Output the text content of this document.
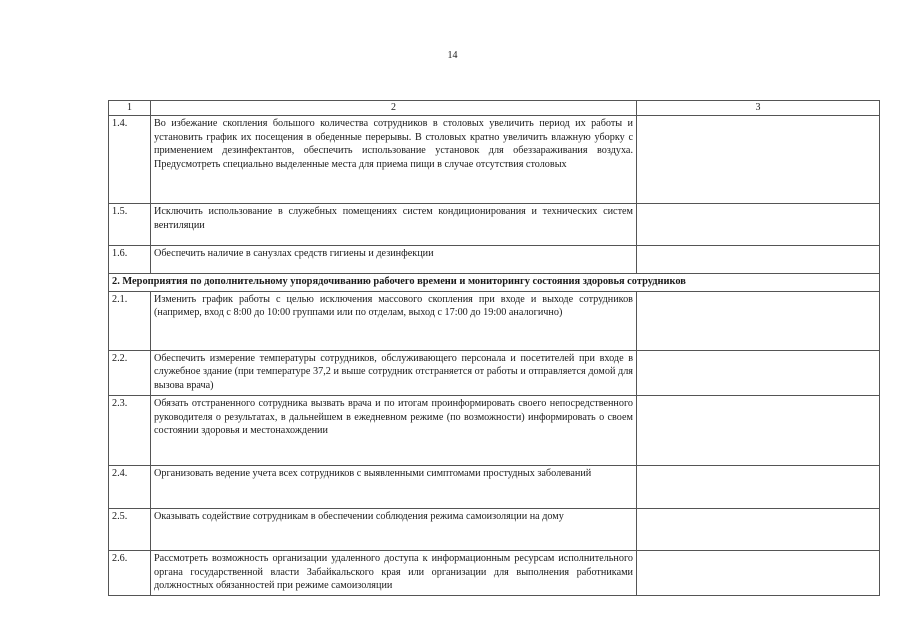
14
1	2	3
1.4.	Во избежание скопления большого количества сотрудников в столовых увеличить период их работы и установить график их посещения в обеденные перерывы. В столовых кратно увеличить влажную уборку с применением дезинфектантов, обеспечить использование установок для обеззараживания воздуха. Предусмотреть специально выделенные места для приема пищи в случае отсутствия столовых	
1.5.	Исключить использование в служебных помещениях систем кондиционирования и технических систем вентиляции	
1.6.	Обеспечить наличие в санузлах средств гигиены и дезинфекции	
2. Мероприятия по дополнительному упорядочиванию рабочего времени и мониторингу состояния здоровья сотрудников		
2.1.	Изменить график работы с целью исключения массового скопления при входе и выходе сотрудников (например, вход с 8:00 до 10:00 группами или по отделам, выход с 17:00 до 19:00 аналогично)	
2.2.	Обеспечить измерение температуры сотрудников, обслуживающего персонала и посетителей при входе в служебное здание (при температуре 37,2 и выше сотрудник отстраняется от работы и отправляется домой для вызова врача)	
2.3.	Обязать отстраненного сотрудника вызвать врача и по итогам проинформировать своего непосредственного руководителя о результатах, в дальнейшем в ежедневном режиме (по возможности) информировать о своем состоянии здоровья и местонахождении	
2.4.	Организовать ведение учета всех сотрудников с выявленными симптомами простудных заболеваний	
2.5.	Оказывать содействие сотрудникам в обеспечении соблюдения режима самоизоляции на дому	
2.6.	Рассмотреть возможность организации удаленного доступа к информационным ресурсам исполнительного органа государственной власти Забайкальского края или организации для выполнения работниками должностных обязанностей при режиме самоизоляции	
